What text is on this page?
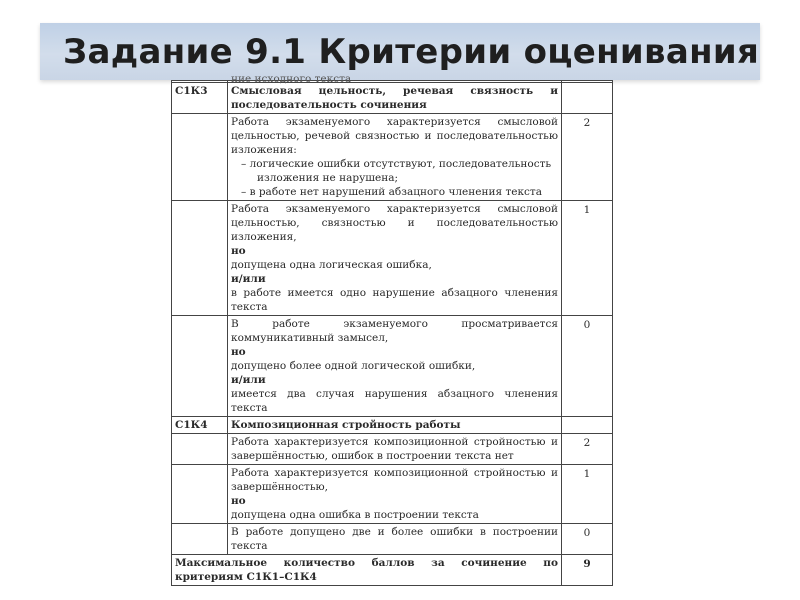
Задание 9.1 Критерии оценивания

	ние исходного текста	

С1К3	Смысловая цельность, речевая связность и последовательность сочинения	

	Работа экзаменуемого характеризуется смысловой цельностью, речевой связностью и последовательностью изложения:
– логические ошибки отсутствуют, последовательность
изложения не нарушена;
– в работе нет нарушений абзацного членения текста	2

	Работа экзаменуемого характеризуется смысловой цельностью, связностью и последовательностью изложения,
но
допущена одна логическая ошибка,
и/или
в работе имеется одно нарушение абзацного членения текста	1

	В работе экзаменуемого просматривается коммуникативный замысел,
но
допущено более одной логической ошибки,
и/или
имеется два случая нарушения абзацного членения текста	0
С1К4	Композиционная стройность работы	
	Работа характеризуется композиционной стройностью и завершённостью, ошибок в построении текста нет	2

	Работа характеризуется композиционной стройностью и завершённостью,
но
допущена одна ошибка в построении текста	1
	В работе допущено две и более ошибки в построении текста	0
Максимальное количество баллов за сочинение по критериям С1К1–С1К4		9
